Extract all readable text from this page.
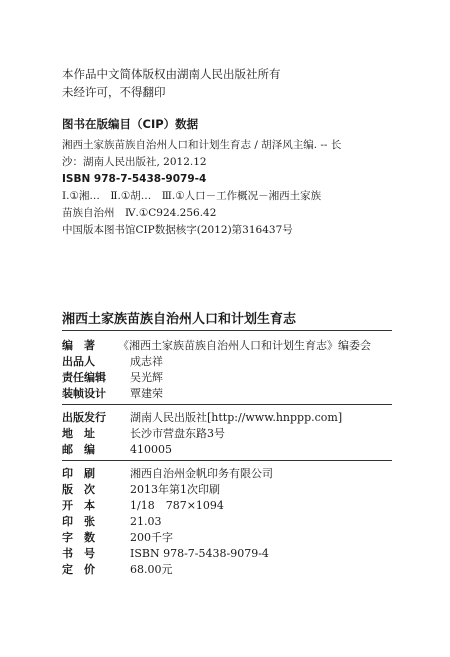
本作品中文简体版权由湖南人民出版社所有
未经许可，不得翻印
图书在版编目（CIP）数据
湘西土家族苗族自治州人口和计划生育志 / 胡泽风主编. -- 长
沙：湖南人民出版社, 2012.12
ISBN 978-7-5438-9079-4
Ⅰ.①湘…　Ⅱ.①胡…　Ⅲ.①人口－工作概况－湘西土家族
苗族自治州　Ⅳ.①C924.256.42
中国版本图书馆CIP数据核字(2012)第316437号
湘西土家族苗族自治州人口和计划生育志
编　著	《湘西土家族苗族自治州人口和计划生育志》编委会
出品人	成志祥
责任编辑	吴光辉
装帧设计	覃建荣
出版发行	湖南人民出版社[http://www.hnppp.com]
地　址	长沙市营盘东路3号
邮　编	410005
印　刷	湘西自治州金帆印务有限公司
版　次	2013年第1次印刷
开　本	1/18　787×1094
印　张	21.03
字　数	200千字
书　号	ISBN 978-7-5438-9079-4
定　价	68.00元
